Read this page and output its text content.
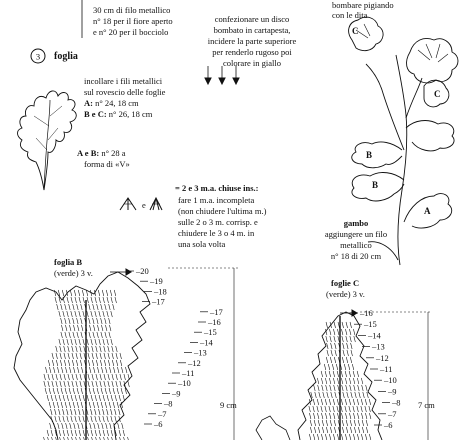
30 cm di filo metallico
n° 18 per il fiore aperto
e n° 20 per il bocciolo
confezionare un disco
bombato in cartapesta,
incidere la parte superiore
per renderlo rugoso poi
colorare in giallo
bombare pigiando
con le dita
foglia
incollare i fili metallici
sul rovescio delle foglie
A: n° 24, 18 cm
B e C: n° 26, 18 cm
A e B: n° 28 a
forma di «V»
= 2 e 3 m.a. chiuse ins.:
fare 1 m.a. incompleta
(non chiudere l'ultima m.)
sulle 2 o 3 m. corrisp. e
chiudere le 3 o 4 m. in
una sola volta
e
gambo
aggiungere un filo
metallico
n° 18 di 20 cm
foglia B
(verde) 3 v.
foglie C
(verde) 3 v.
9 cm	7 cm
3
C
C
B
B
A
–20
–19
–18
–17
–17
–16
–15
–14
–13
–12
–11
–10
–9
–8
–7
–6
–16
–15
–14
–13
–12
–11
–10
–9
–8
–7
–6
